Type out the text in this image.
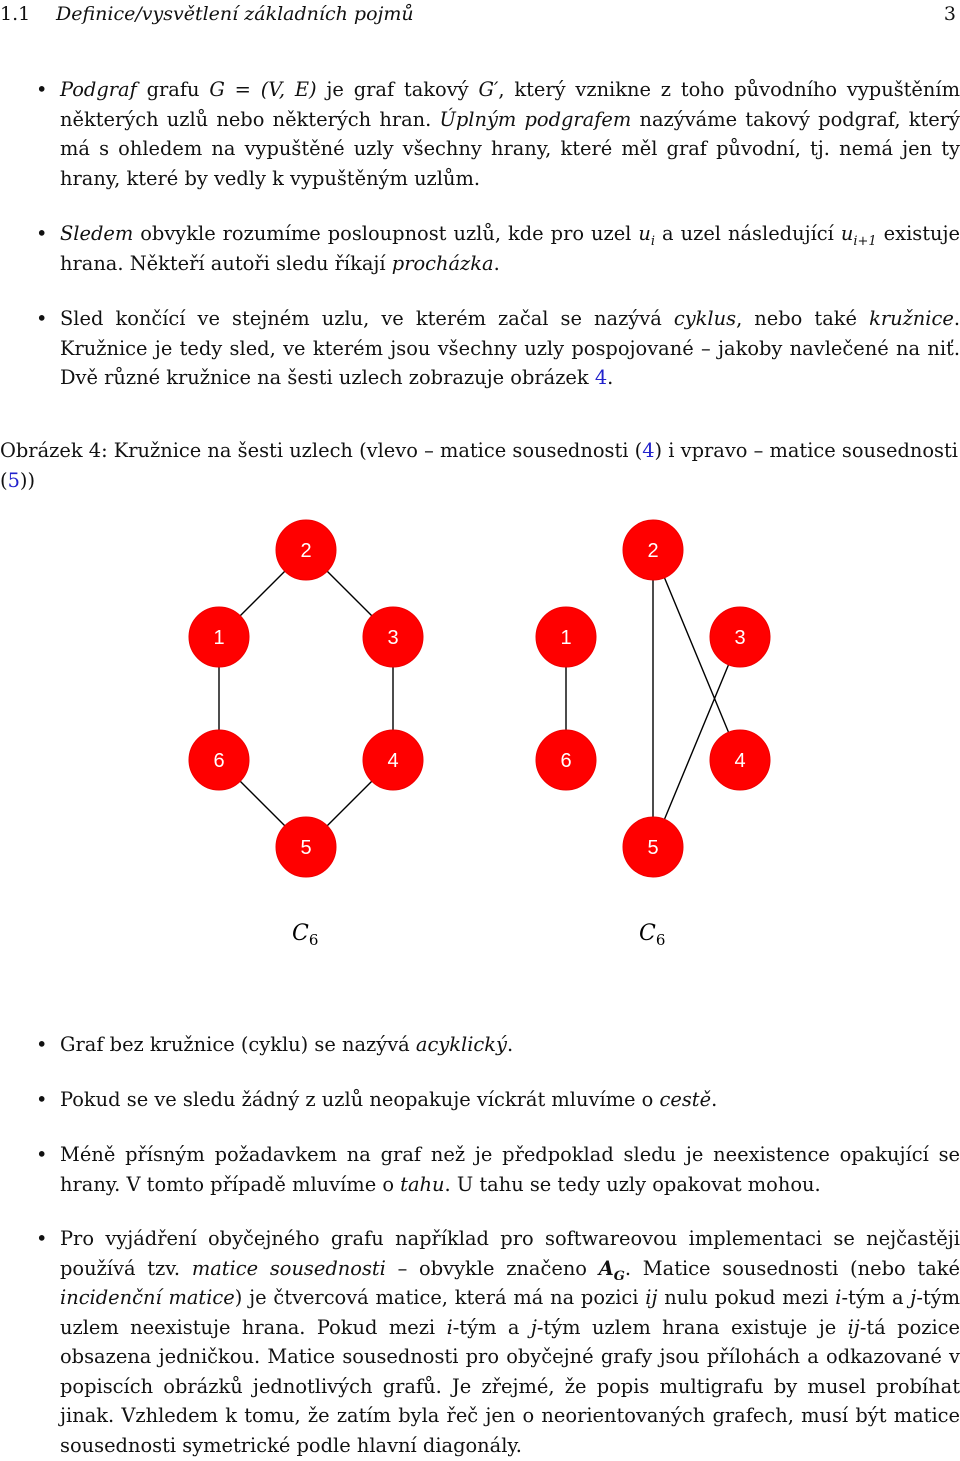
1.1 Definice/vysvětlení základních pojmů	3
• Podgraf grafu G = (V, E) je graf takový G′, který vznikne z toho původního vypuštěním některých uzlů nebo některých hran. Úplným podgrafem nazýváme takový podgraf, který má s ohledem na vypuštěné uzly všechny hrany, které měl graf původní, tj. nemá jen ty hrany, které by vedly k vypuštěným uzlům.
• Sledem obvykle rozumíme posloupnost uzlů, kde pro uzel $u_i$ a uzel následující $u_{i+1}$ existuje hrana. Někteří autoři sledu říkají procházka.
• Sled končící ve stejném uzlu, ve kterém začal se nazývá cyklus, nebo také kružnice. Kružnice je tedy sled, ve kterém jsou všechny uzly pospojované – jakoby navlečené na niť. Dvě různé kružnice na šesti uzlech zobrazuje obrázek 4.
Obrázek 4: Kružnice na šesti uzlech (vlevo – matice sousednosti (4) i vpravo – matice sousednosti (5))
1
2
3
4
5
6
$C_6$
1
2
3
4
5
6
$C_6$
• Graf bez kružnice (cyklu) se nazývá acyklický.
• Pokud se ve sledu žádný z uzlů neopakuje víckrát mluvíme o cestě.
• Méně přísným požadavkem na graf než je předpoklad sledu je neexistence opakující se hrany. V tomto případě mluvíme o tahu. U tahu se tedy uzly opakovat mohou.
• Pro vyjádření obyčejného grafu například pro softwareovou implementaci se nejčastěji používá tzv. matice sousednosti – obvykle značeno $A_G$. Matice sousednosti (nebo také incidenční matice) je čtvercová matice, která má na pozici ij nulu pokud mezi i-tým a j-tým uzlem neexistuje hrana. Pokud mezi i-tým a j-tým uzlem hrana existuje je ij-tá pozice obsazena jedničkou. Matice sousednosti pro obyčejné grafy jsou přílohách a odkazované v popiscích obrázků jednotlivých grafů. Je zřejmé, že popis multigrafu by musel probíhat jinak. Vzhledem k tomu, že zatím byla řeč jen o neorientovaných grafech, musí být matice sousednosti symetrické podle hlavní diagonály.
